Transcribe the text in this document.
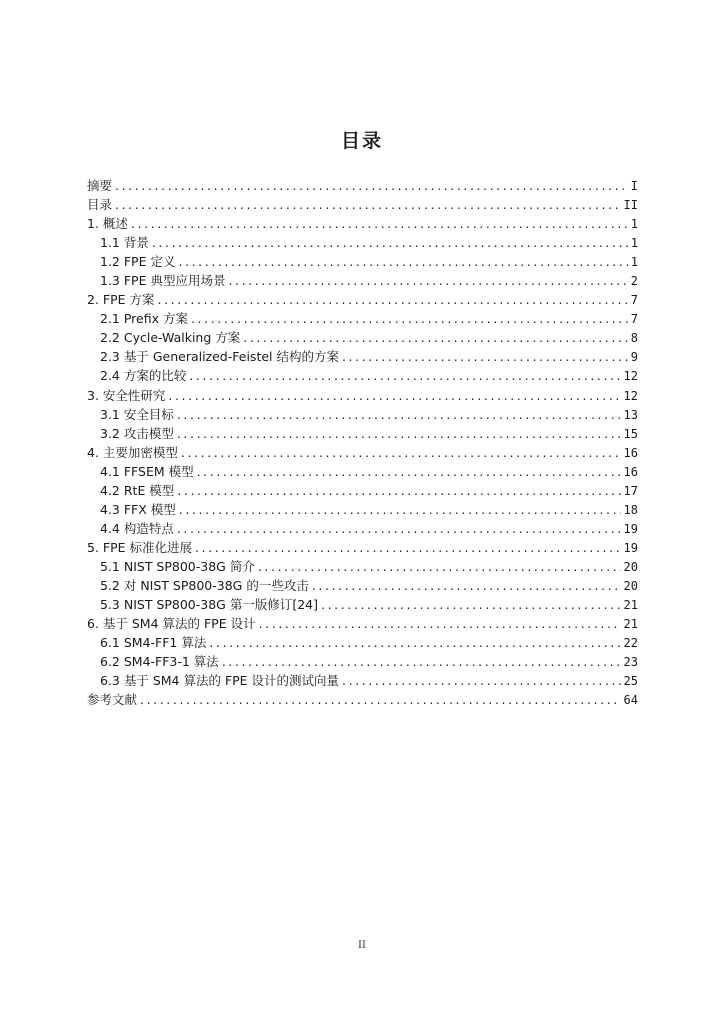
目录
摘要 .....	I
目录 .....	II
1. 概述 .....	1
1.1 背景 .....	1
1.2 FPE 定义 .....	1
1.3 FPE 典型应用场景 .....	2
2. FPE 方案 .....	7
2.1 Prefix 方案 .....	7
2.2 Cycle-Walking 方案 .....	8
2.3 基于 Generalized-Feistel 结构的方案 .....	9
2.4 方案的比较 .....	12
3. 安全性研究 .....	12
3.1 安全目标 .....	13
3.2 攻击模型 .....	15
4. 主要加密模型 .....	16
4.1 FFSEM 模型 .....	16
4.2 RtE 模型 .....	17
4.3 FFX 模型 .....	18
4.4 构造特点 .....	19
5. FPE 标准化进展 .....	19
5.1 NIST SP800-38G 简介 .....	20
5.2 对 NIST SP800-38G 的一些攻击 .....	20
5.3 NIST SP800-38G 第一版修订[24] .....	21
6. 基于 SM4 算法的 FPE 设计 .....	21
6.1 SM4-FF1 算法 .....	22
6.2 SM4-FF3-1 算法 .....	23
6.3 基于 SM4 算法的 FPE 设计的测试向量 .....	25
参考文献 .....	64
II
